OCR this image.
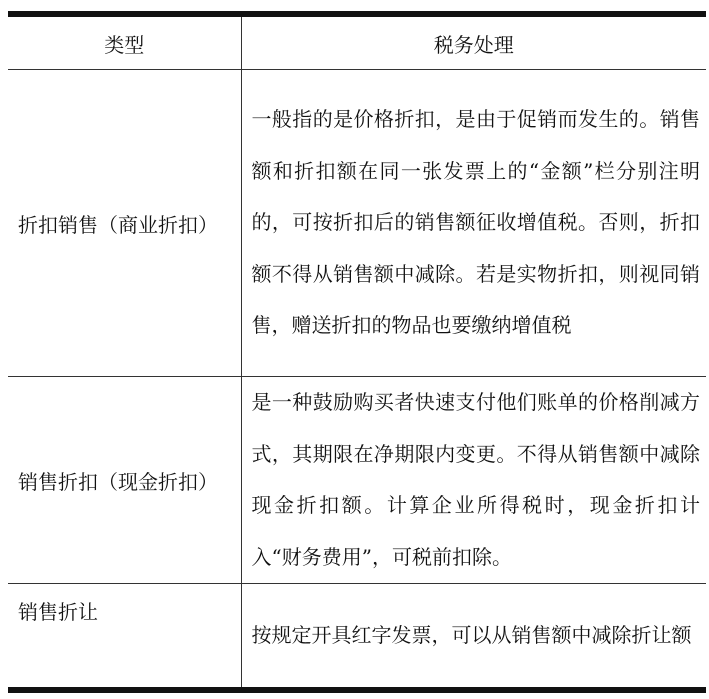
类型	税务处理
折扣销售（商业折扣）	一般指的是价格折扣，是由于促销而发生的。销售额和折扣额在同一张发票上的“金额”栏分别注明的，可按折扣后的销售额征收增值税。否则，折扣额不得从销售额中减除。若是实物折扣，则视同销售，赠送折扣的物品也要缴纳增值税

销售折扣（现金折扣）	是一种鼓励购买者快速支付他们账单的价格削减方式，其期限在净期限内变更。不得从销售额中减除现金折扣额。计算企业所得税时，现金折扣计入“财务费用”，可税前扣除。

销售折让	按规定开具红字发票，可以从销售额中减除折让额
